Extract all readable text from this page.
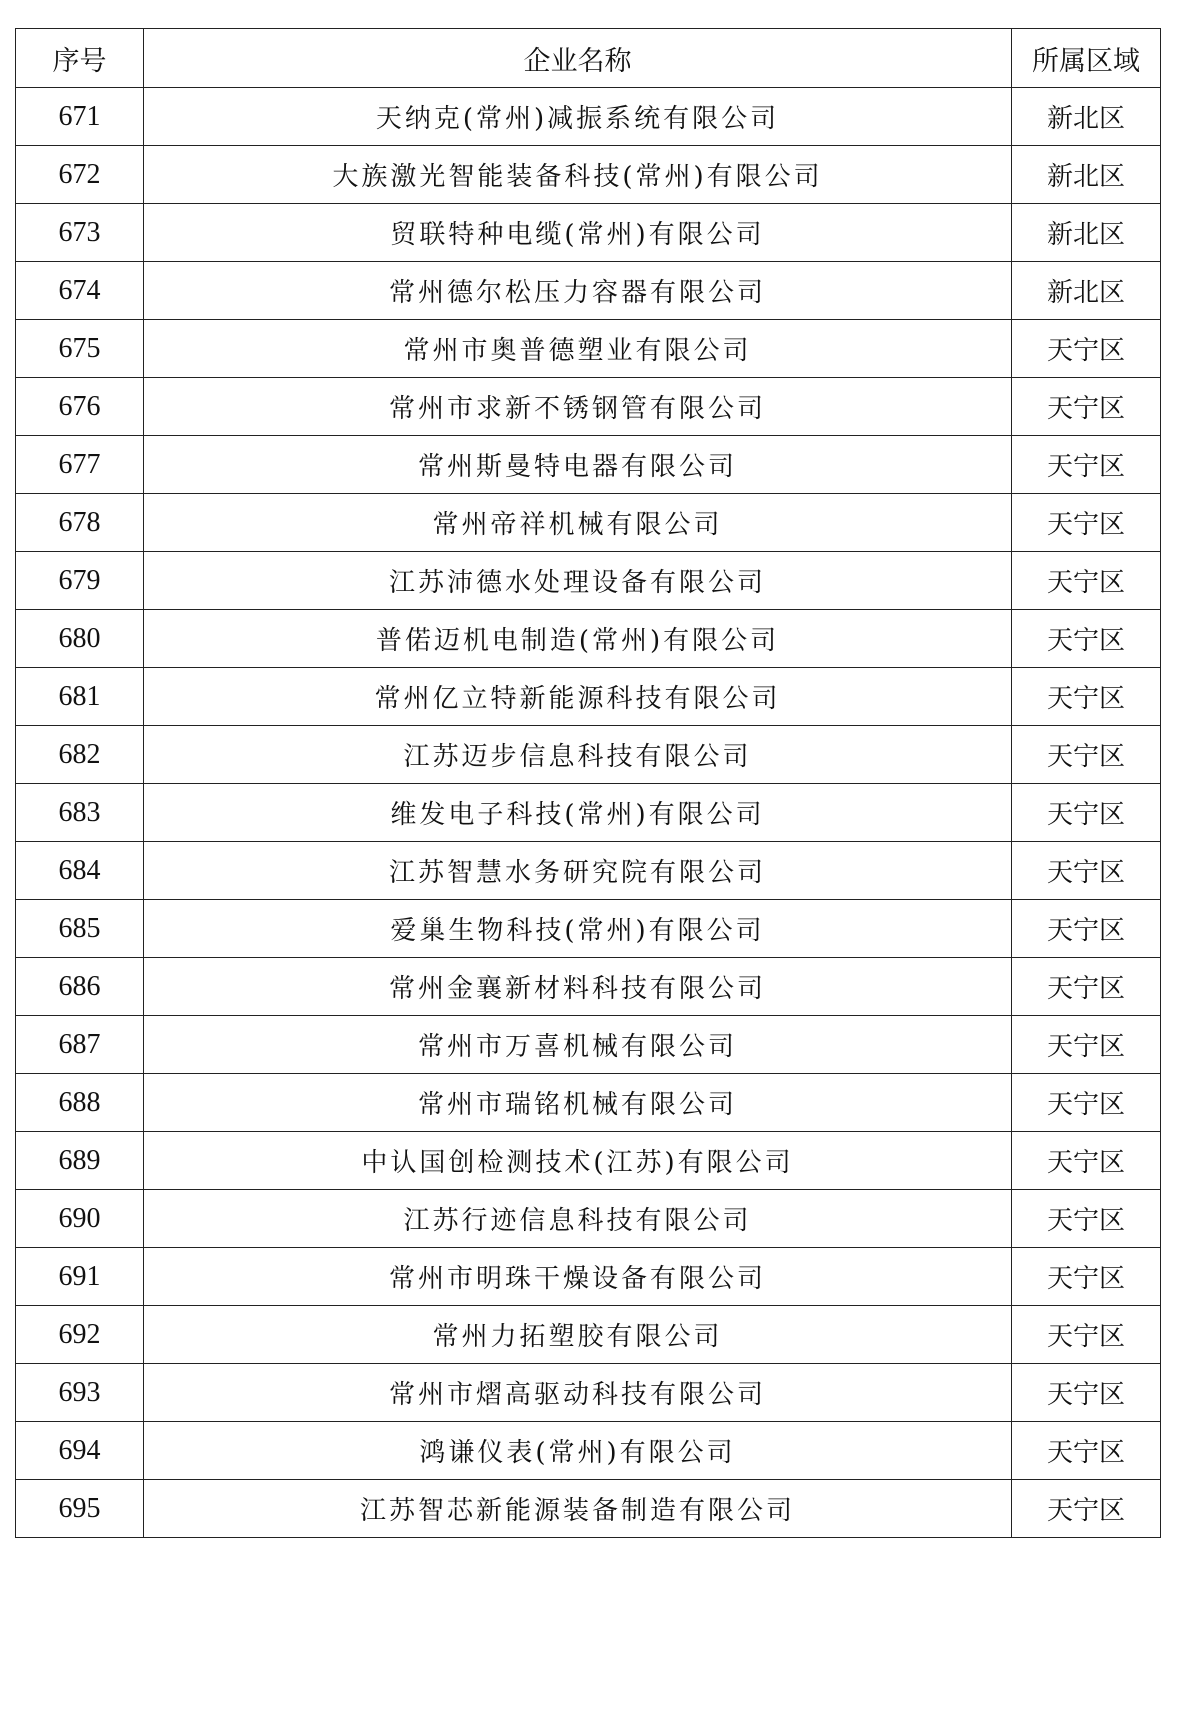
序号	企业名称	所属区域
671	天纳克(常州)减振系统有限公司	新北区
672	大族激光智能装备科技(常州)有限公司	新北区
673	贸联特种电缆(常州)有限公司	新北区
674	常州德尔松压力容器有限公司	新北区
675	常州市奥普德塑业有限公司	天宁区
676	常州市求新不锈钢管有限公司	天宁区
677	常州斯曼特电器有限公司	天宁区
678	常州帝祥机械有限公司	天宁区
679	江苏沛德水处理设备有限公司	天宁区
680	普偌迈机电制造(常州)有限公司	天宁区
681	常州亿立特新能源科技有限公司	天宁区
682	江苏迈步信息科技有限公司	天宁区
683	维发电子科技(常州)有限公司	天宁区
684	江苏智慧水务研究院有限公司	天宁区
685	爱巢生物科技(常州)有限公司	天宁区
686	常州金襄新材料科技有限公司	天宁区
687	常州市万喜机械有限公司	天宁区
688	常州市瑞铭机械有限公司	天宁区
689	中认国创检测技术(江苏)有限公司	天宁区
690	江苏行迹信息科技有限公司	天宁区
691	常州市明珠干燥设备有限公司	天宁区
692	常州力拓塑胶有限公司	天宁区
693	常州市熠高驱动科技有限公司	天宁区
694	鸿谦仪表(常州)有限公司	天宁区
695	江苏智芯新能源装备制造有限公司	天宁区
